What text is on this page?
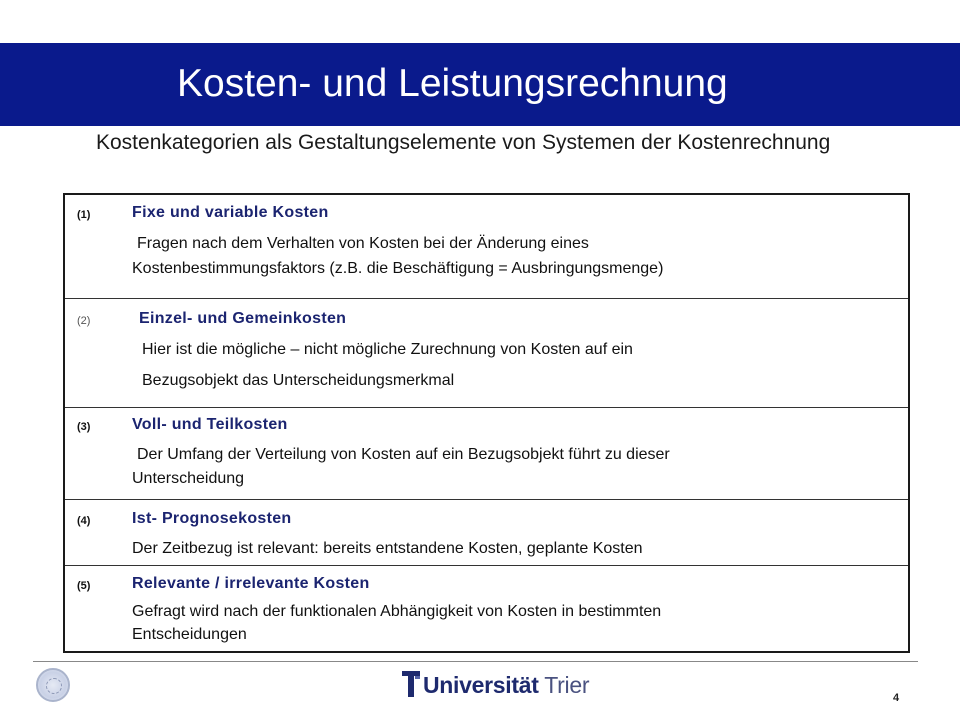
Kosten- und Leistungsrechnung
Kostenkategorien als Gestaltungselemente von Systemen der Kostenrechnung
(1)	Fixe und variable Kosten
Fragen nach dem Verhalten von Kosten bei der Änderung eines
Kostenbestimmungsfaktors (z.B. die Beschäftigung = Ausbringungsmenge)
(2)	Einzel- und Gemeinkosten
Hier ist die mögliche – nicht mögliche Zurechnung von Kosten auf ein
Bezugsobjekt das Unterscheidungsmerkmal
(3)	Voll- und Teilkosten
Der Umfang der Verteilung von Kosten auf ein Bezugsobjekt führt zu dieser
Unterscheidung
(4)	Ist- Prognosekosten
Der Zeitbezug ist relevant: bereits entstandene Kosten, geplante Kosten
(5)	Relevante / irrelevante Kosten
Gefragt wird nach der funktionalen Abhängigkeit von Kosten in bestimmten
Entscheidungen
Universität Trier	4
